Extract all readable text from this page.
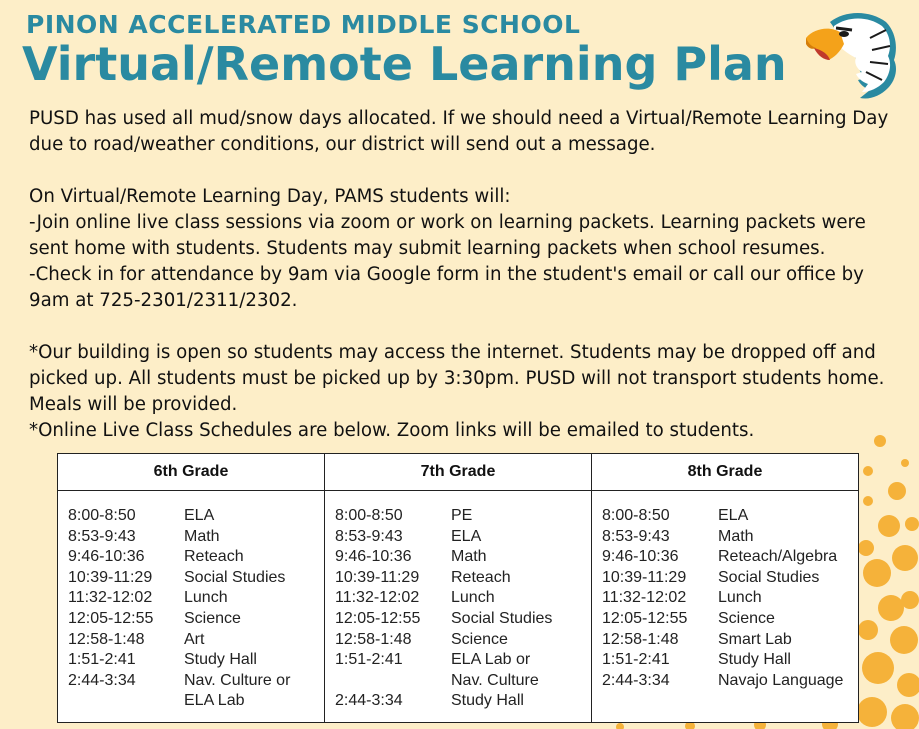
PINON ACCELERATED MIDDLE SCHOOL
Virtual/Remote Learning Plan

PUSD has used all mud/snow days allocated. If we should need a Virtual/Remote Learning Day due to road/weather conditions, our district will send out a message.

On Virtual/Remote Learning Day, PAMS students will:

-Join online live class sessions via zoom or work on learning packets. Learning packets were sent home with students. Students may submit learning packets when school resumes.

-Check in for attendance by 9am via Google form in the student's email or call our office by 9am at 725-2301/2311/2302.

*Our building is open so students may access the internet. Students may be dropped off and picked up. All students must be picked up by 3:30pm. PUSD will not transport students home. Meals will be provided.

*Online Live Class Schedules are below. Zoom links will be emailed to students.

6th Grade
8:00-8:50	ELA
8:53-9:43	Math
9:46-10:36	Reteach
10:39-11:29	Social Studies
11:32-12:02	Lunch
12:05-12:55	Science
12:58-1:48	Art
1:51-2:41	Study Hall
2:44-3:34	Nav. Culture or
ELA Lab
7th Grade
8:00-8:50	PE
8:53-9:43	ELA
9:46-10:36	Math
10:39-11:29	Reteach
11:32-12:02	Lunch
12:05-12:55	Social Studies
12:58-1:48	Science
1:51-2:41	ELA Lab or
Nav. Culture
2:44-3:34	Study Hall
8th Grade
8:00-8:50	ELA
8:53-9:43	Math
9:46-10:36	Reteach/Algebra
10:39-11:29	Social Studies
11:32-12:02	Lunch
12:05-12:55	Science
12:58-1:48	Smart Lab
1:51-2:41	Study Hall
2:44-3:34	Navajo Language
